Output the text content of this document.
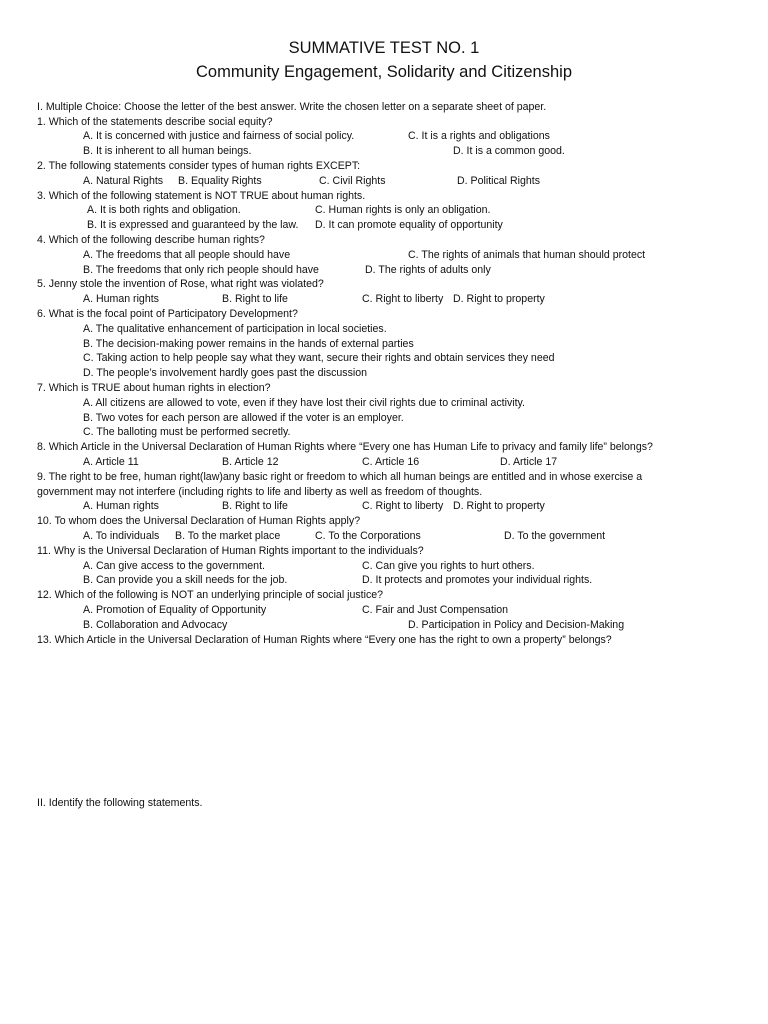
SUMMATIVE TEST NO. 1
Community Engagement, Solidarity and Citizenship
I. Multiple Choice: Choose the letter of the best answer. Write the chosen letter on a separate sheet of paper.
1. Which of the statements describe social equity?
A. It is concerned with justice and fairness of social policy.	C. It is a rights and obligations
B. It is inherent to all human beings.	D. It is a common good.
2. The following statements consider types of human rights EXCEPT:
A. Natural Rights B. Equality Rights	C. Civil Rights	D. Political Rights
3. Which of the following statement is NOT TRUE about human rights.
A. It is both rights and obligation.	C. Human rights is only an obligation.
B. It is expressed and guaranteed by the law. D. It can promote equality of opportunity
4. Which of the following describe human rights?
A. The freedoms that all people should have	C. The rights of animals that human should protect
B. The freedoms that only rich people should have	D. The rights of adults only
5. Jenny stole the invention of Rose, what right was violated?
A. Human rights	B. Right to life	C. Right to liberty D. Right to property
6. What is the focal point of Participatory Development?
A. The qualitative enhancement of participation in local societies.
B. The decision-making power remains in the hands of external parties
C. Taking action to help people say what they want, secure their rights and obtain services they need
D. The people’s involvement hardly goes past the discussion
7. Which is TRUE about human rights in election?
A. All citizens are allowed to vote, even if they have lost their civil rights due to criminal activity.
B. Two votes for each person are allowed if the voter is an employer.
C. The balloting must be performed secretly.
8. Which Article in the Universal Declaration of Human Rights where “Every one has Human Life to privacy and family life” belongs?
A. Article 11	B. Article 12	C. Article 16	D. Article 17
9. The right to be free, human right(law)any basic right or freedom to which all human beings are entitled and in whose exercise a
government may not interfere (including rights to life and liberty as well as freedom of thoughts.
A. Human rights	B. Right to life	C. Right to liberty D. Right to property
10. To whom does the Universal Declaration of Human Rights apply?
A. To individuals B. To the market place	C. To the Corporations	D. To the government
11. Why is the Universal Declaration of Human Rights important to the individuals?
A. Can give access to the government.	C. Can give you rights to hurt others.
B. Can provide you a skill needs for the job.	D. It protects and promotes your individual rights.
12. Which of the following is NOT an underlying principle of social justice?
A. Promotion of Equality of Opportunity	C. Fair and Just Compensation
B. Collaboration and Advocacy	D. Participation in Policy and Decision-Making
13. Which Article in the Universal Declaration of Human Rights where “Every one has the right to own a property” belongs?
II. Identify the following statements.
